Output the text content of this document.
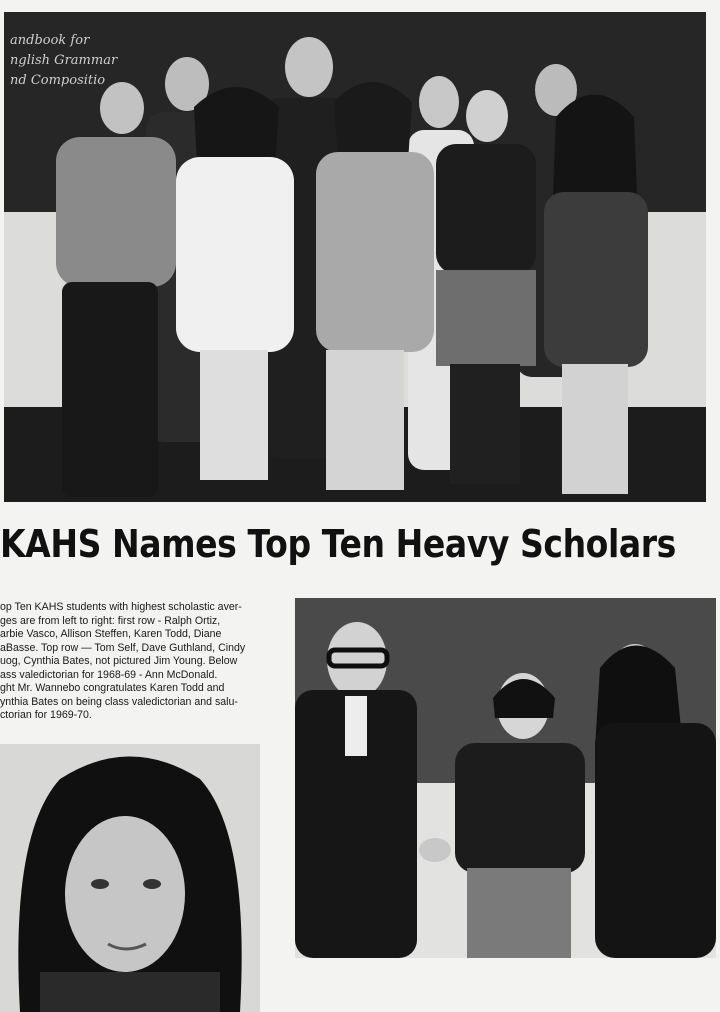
andbook for
nglish Grammar
nd Compositio
KAHS Names Top Ten Heavy Scholars
op Ten KAHS students with highest scholastic aver-
ges are from left to right: first row - Ralph Ortiz,
arbie Vasco, Allison Steffen, Karen Todd, Diane
aBasse. Top row — Tom Self, Dave Guthland, Cindy
uog, Cynthia Bates, not pictured Jim Young. Below
ass valedictorian for 1968-69 - Ann McDonald.
ght Mr. Wannebo congratulates Karen Todd and
ynthia Bates on being class valedictorian and salu-
ctorian for 1969-70.
